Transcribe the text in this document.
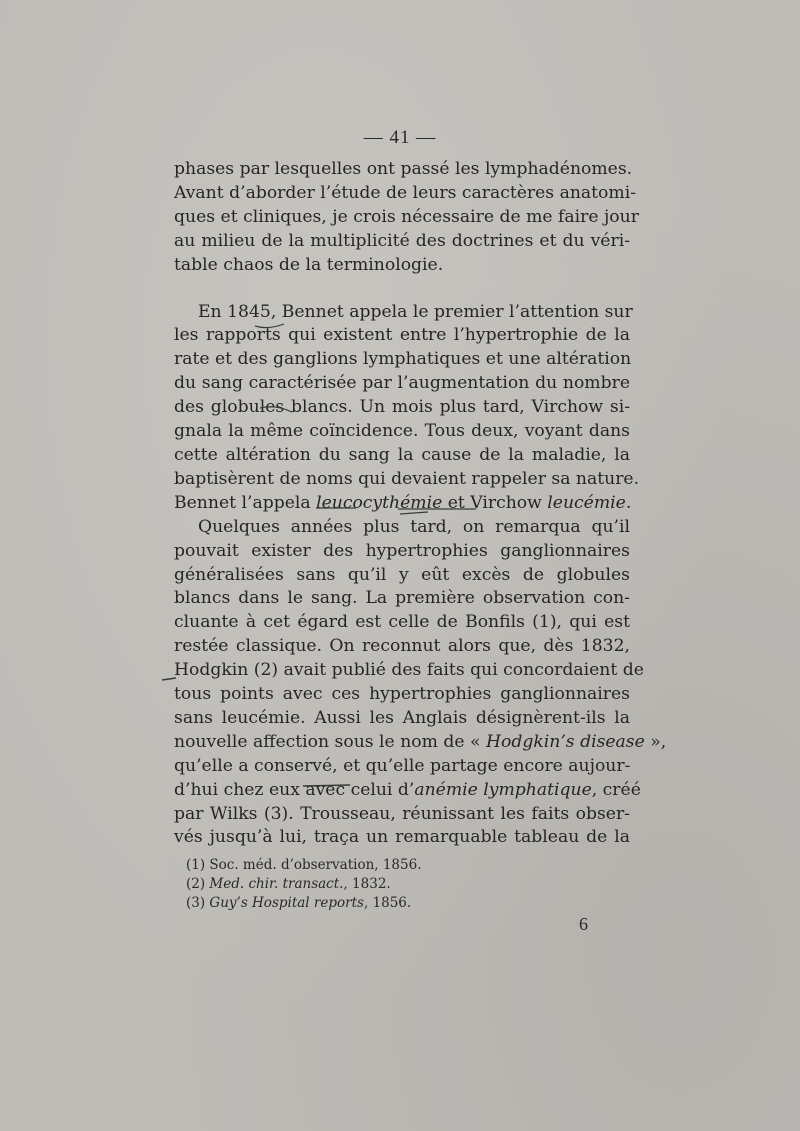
— 41 —
phases par lesquelles ont passé les lymphadénomes.
Avant d’aborder l’étude de leurs caractères anatomi-
ques et cliniques, je crois nécessaire de me faire jour
au milieu de la multiplicité des doctrines et du véri-
table chaos de la terminologie.
En 1845, Bennet appela le premier l’attention sur
les rapports qui existent entre l’hypertrophie de la
rate et des ganglions lymphatiques et une altération
du sang caractérisée par l’augmentation du nombre
des globules blancs. Un mois plus tard, Virchow si-
gnala la même coïncidence. Tous deux, voyant dans
cette altération du sang la cause de la maladie, la
baptisèrent de noms qui devaient rappeler sa nature.
Bennet l’appela leucocythémie et Virchow leucémie.
Quelques années plus tard, on remarqua qu’il
pouvait exister des hypertrophies ganglionnaires
généralisées sans qu’il y eût excès de globules
blancs dans le sang. La première observation con-
cluante à cet égard est celle de Bonfils (1), qui est
restée classique. On reconnut alors que, dès 1832,
Hodgkin (2) avait publié des faits qui concordaient de
tous points avec ces hypertrophies ganglionnaires
sans leucémie. Aussi les Anglais désignèrent-ils la
nouvelle affection sous le nom de « Hodgkin’s disease »,
qu’elle a conservé, et qu’elle partage encore aujour-
d’hui chez eux avec celui d’anémie lymphatique, créé
par Wilks (3). Trousseau, réunissant les faits obser-
vés jusqu’à lui, traça un remarquable tableau de la
(1) Soc. méd. d’observation, 1856.
(2) Med. chir. transact., 1832.
(3) Guy’s Hospital reports, 1856.
6
